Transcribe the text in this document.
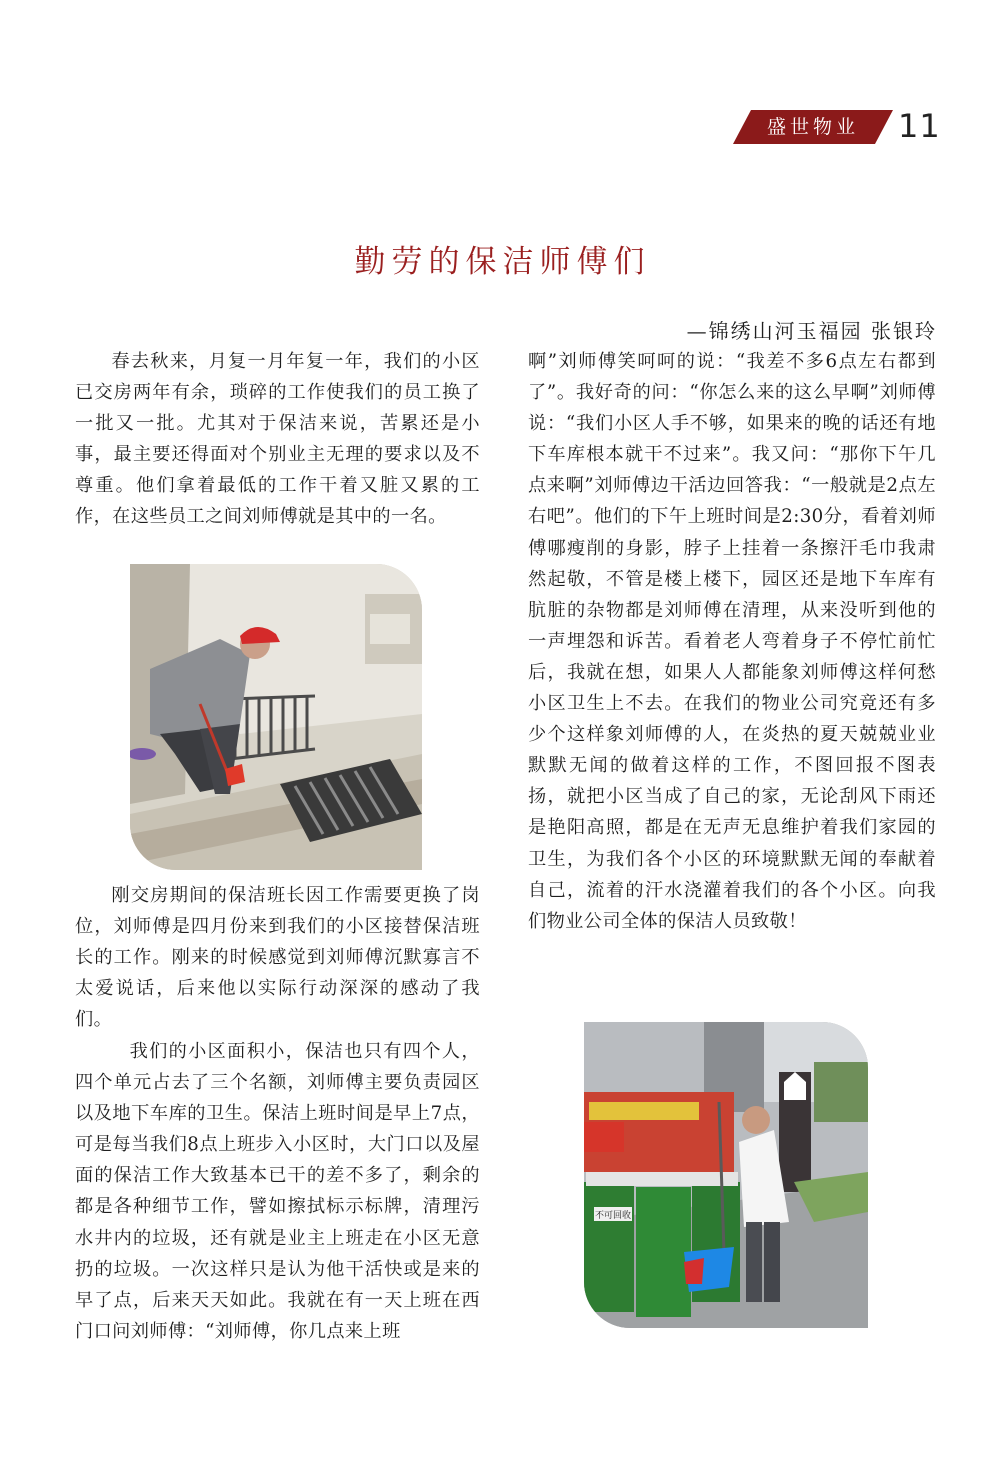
盛世物业	11
勤劳的保洁师傅们
—锦绣山河玉福园 张银玲

春去秋来，月复一月年复一年，我们的小区已交房两年有余，琐碎的工作使我们的员工换了一批又一批。尤其对于保洁来说，苦累还是小事，最主要还得面对个别业主无理的要求以及不尊重。他们拿着最低的工作干着又脏又累的工作，在这些员工之间刘师傅就是其中的一名。

刚交房期间的保洁班长因工作需要更换了岗位，刘师傅是四月份来到我们的小区接替保洁班长的工作。刚来的时候感觉到刘师傅沉默寡言不太爱说话，后来他以实际行动深深的感动了我们。

我们的小区面积小，保洁也只有四个人，四个单元占去了三个名额，刘师傅主要负责园区以及地下车库的卫生。保洁上班时间是早上7点，可是每当我们8点上班步入小区时，大门口以及屋面的保洁工作大致基本已干的差不多了，剩余的都是各种细节工作，譬如擦拭标示标牌，清理污水井内的垃圾，还有就是业主上班走在小区无意扔的垃圾。一次这样只是认为他干活快或是来的早了点，后来天天如此。我就在有一天上班在西门口问刘师傅：“刘师傅，你几点来上班

啊”刘师傅笑呵呵的说：“我差不多6点左右都到了”。我好奇的问：“你怎么来的这么早啊”刘师傅说：“我们小区人手不够，如果来的晚的话还有地下车库根本就干不过来”。我又问：“那你下午几点来啊”刘师傅边干活边回答我：“一般就是2点左右吧”。他们的下午上班时间是2:30分，看着刘师傅哪瘦削的身影，脖子上挂着一条擦汗毛巾我肃然起敬，不管是楼上楼下，园区还是地下车库有肮脏的杂物都是刘师傅在清理，从来没听到他的一声埋怨和诉苦。看着老人弯着身子不停忙前忙后，我就在想，如果人人都能象刘师傅这样何愁小区卫生上不去。在我们的物业公司究竟还有多少个这样象刘师傅的人，在炎热的夏天兢兢业业默默无闻的做着这样的工作，不图回报不图表扬，就把小区当成了自己的家，无论刮风下雨还是艳阳高照，都是在无声无息维护着我们家园的卫生，为我们各个小区的环境默默无闻的奉献着自己，流着的汗水浇灌着我们的各个小区。向我们物业公司全体的保洁人员致敬！

不可回收
